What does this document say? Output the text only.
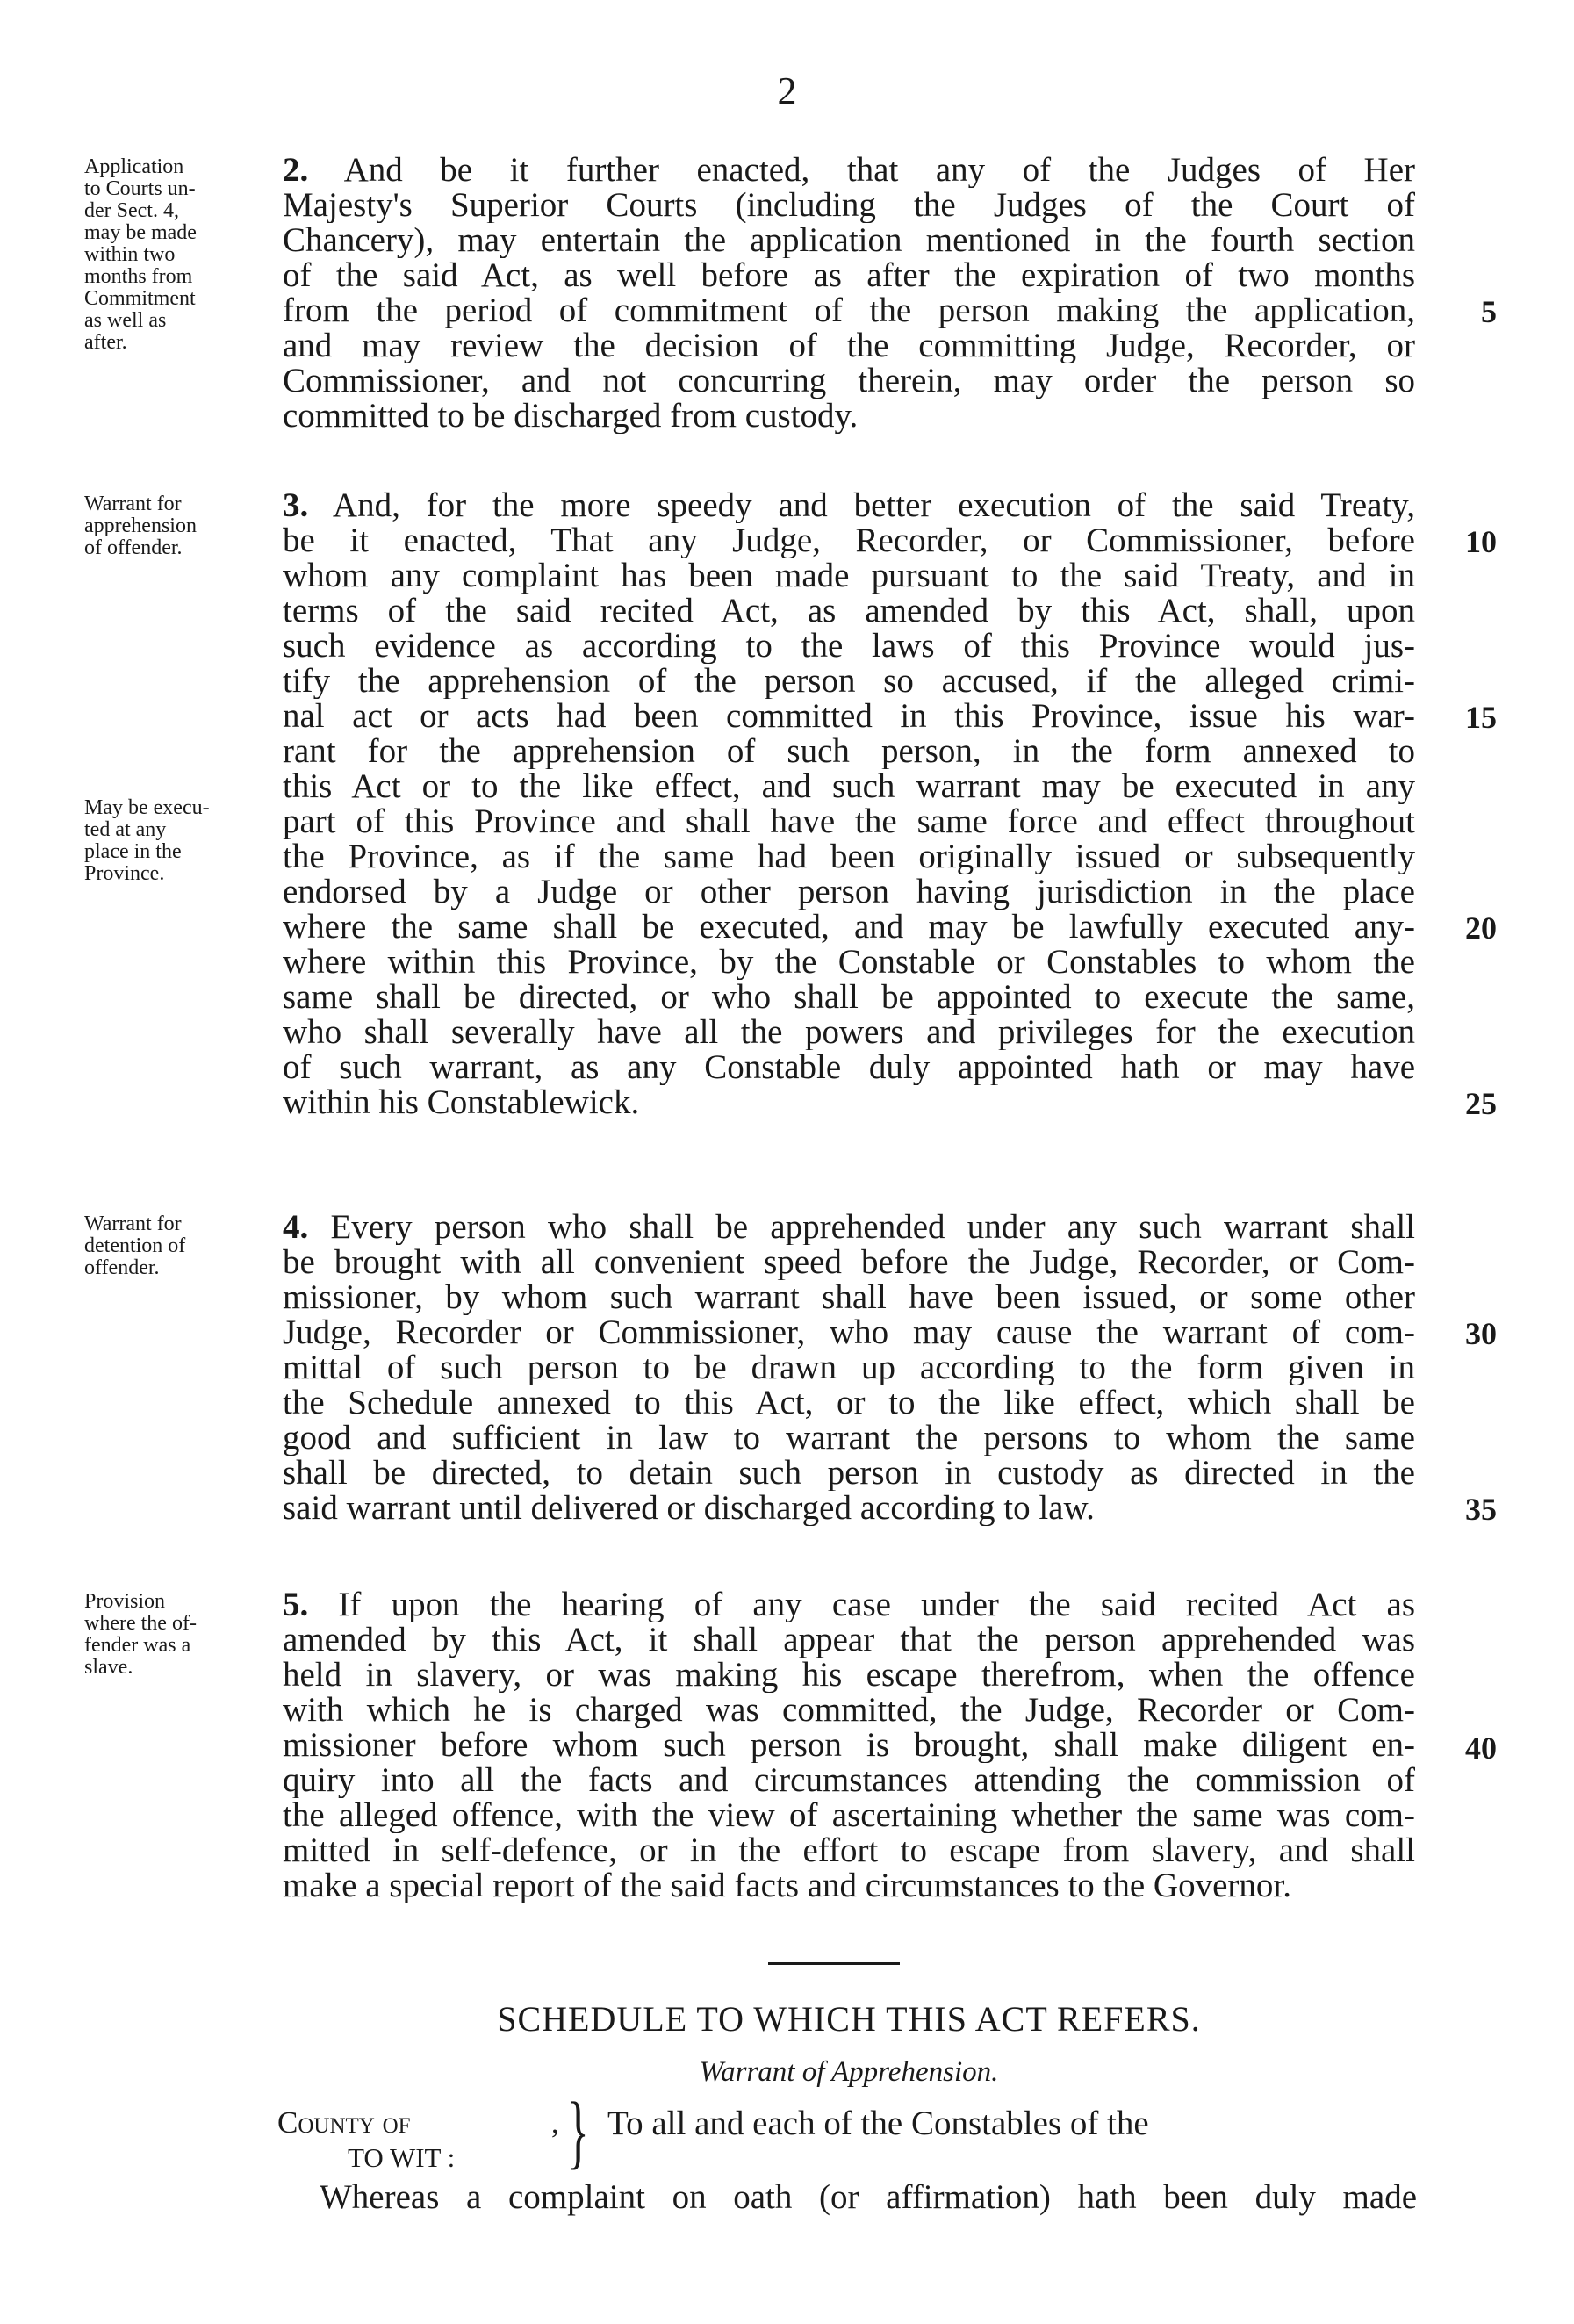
2
Application
to Courts un-
der Sect. 4,
may be made
within two
months from
Commitment
as well as
after.
2. And be it further enacted, that any of the Judges of Her
Majesty's Superior Courts (including the Judges of the Court of
Chancery), may entertain the application mentioned in the fourth section
of the said Act, as well before as after the expiration of two months
from the period of commitment of the person making the application,
and may review the decision of the committing Judge, Recorder, or
Commissioner, and not concurring therein, may order the person so
committed to be discharged from custody.
Warrant for
apprehension
of offender.
3. And, for the more speedy and better execution of the said Treaty,
be it enacted, That any Judge, Recorder, or Commissioner, before
whom any complaint has been made pursuant to the said Treaty, and in
terms of the said recited Act, as amended by this Act, shall, upon
such evidence as according to the laws of this Province would jus-
tify the apprehension of the person so accused, if the alleged crimi-
nal act or acts had been committed in this Province, issue his war-
rant for the apprehension of such person, in the form annexed to
this Act or to the like effect, and such warrant may be executed in any
part of this Province and shall have the same force and effect throughout
the Province, as if the same had been originally issued or subsequently
endorsed by a Judge or other person having jurisdiction in the place
where the same shall be executed, and may be lawfully executed any-
where within this Province, by the Constable or Constables to whom the
same shall be directed, or who shall be appointed to execute the same,
who shall severally have all the powers and privileges for the execution
of such warrant, as any Constable duly appointed hath or may have
within his Constablewick.
May be execu-
ted at any
place in the
Province.
Warrant for
detention of
offender.
4. Every person who shall be apprehended under any such warrant shall
be brought with all convenient speed before the Judge, Recorder, or Com-
missioner, by whom such warrant shall have been issued, or some other
Judge, Recorder or Commissioner, who may cause the warrant of com-
mittal of such person to be drawn up according to the form given in
the Schedule annexed to this Act, or to the like effect, which shall be
good and sufficient in law to warrant the persons to whom the same
shall be directed, to detain such person in custody as directed in the
said warrant until delivered or discharged according to law.
Provision
where the of-
fender was a
slave.
5. If upon the hearing of any case under the said recited Act as
amended by this Act, it shall appear that the person apprehended was
held in slavery, or was making his escape therefrom, when the offence
with which he is charged was committed, the Judge, Recorder or Com-
missioner before whom such person is brought, shall make diligent en-
quiry into all the facts and circumstances attending the commission of
the alleged offence, with the view of ascertaining whether the same was com-
mitted in self-defence, or in the effort to escape from slavery, and shall
make a special report of the said facts and circumstances to the Governor.
5
10
15
20
25
30
35
40
SCHEDULE TO WHICH THIS ACT REFERS.
Warrant of Apprehension.
County of	,
TO WIT : } To all and each of the Constables of the
Whereas a complaint on oath (or affirmation) hath been duly made
